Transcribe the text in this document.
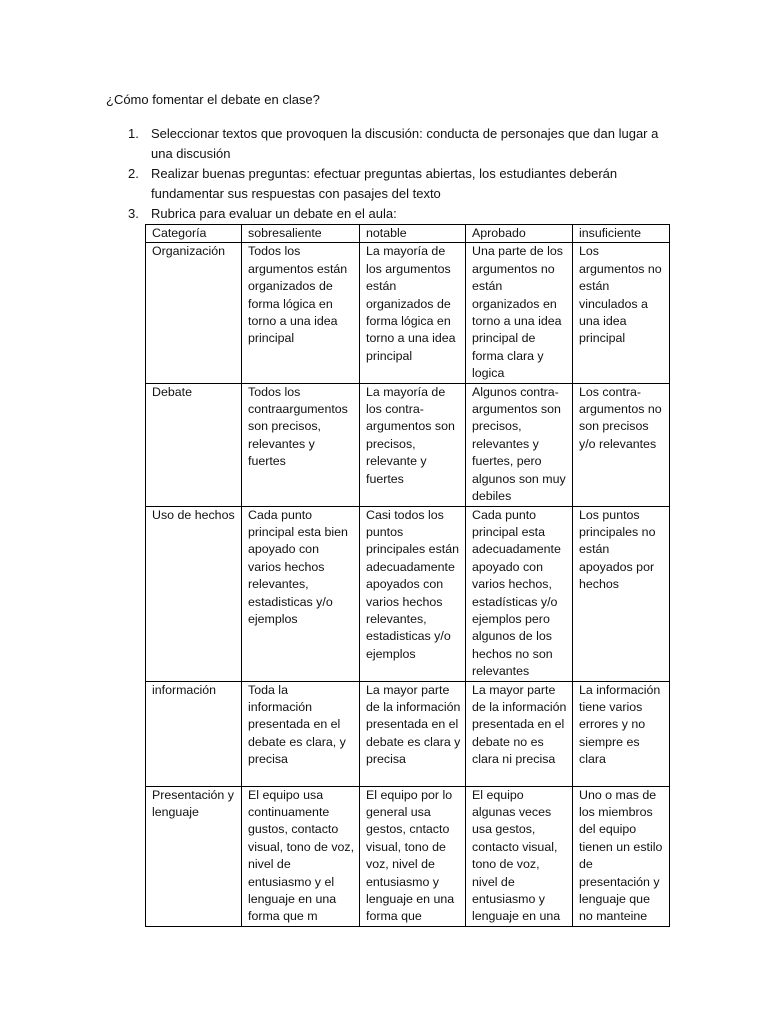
¿Cómo fomentar el debate en clase?
1. Seleccionar textos que provoquen la discusión: conducta de personajes que dan lugar a una discusión
2. Realizar buenas preguntas: efectuar preguntas abiertas, los estudiantes deberán fundamentar sus respuestas con pasajes del texto
3. Rubrica para evaluar un debate en el aula:
Categoría	sobresaliente	notable	Aprobado	insuficiente
Organización	Todos los argumentos están organizados de forma lógica en torno a una idea principal	La mayoría de los argumentos están organizados de forma lógica en torno a una idea principal	Una parte de los argumentos no están organizados en torno a una idea principal de forma clara y logica	Los argumentos no están vinculados a una idea principal
Debate	Todos los contraargumentos son precisos, relevantes y fuertes	La mayoría de los contra-argumentos son precisos, relevante y fuertes	Algunos contra-argumentos son precisos, relevantes y fuertes, pero algunos son muy debiles	Los contra-argumentos no son precisos y/o relevantes
Uso de hechos	Cada punto principal esta bien apoyado con varios hechos relevantes, estadisticas y/o ejemplos	Casi todos los puntos principales están adecuadamente apoyados con varios hechos relevantes, estadisticas y/o ejemplos	Cada punto principal esta adecuadamente apoyado con varios hechos, estadísticas y/o ejemplos pero algunos de los hechos no son relevantes	Los puntos principales no están apoyados por hechos
información	Toda la información presentada en el debate es clara, y precisa	La mayor parte de la información presentada en el debate es clara y precisa	La mayor parte de la información presentada en el debate no es clara ni precisa	La información tiene varios errores y no siempre es clara
Presentación y lenguaje	El equipo usa continuamente gustos, contacto visual, tono de voz, nivel de entusiasmo y el lenguaje en una forma que m	El equipo por lo general usa gestos, cntacto visual, tono de voz, nivel de entusiasmo y lenguaje en una forma que	El equipo algunas veces usa gestos, contacto visual, tono de voz, nivel de entusiasmo y lenguaje en una	Uno o mas de los miembros del equipo tienen un estilo de presentación y lenguaje que no manteine
